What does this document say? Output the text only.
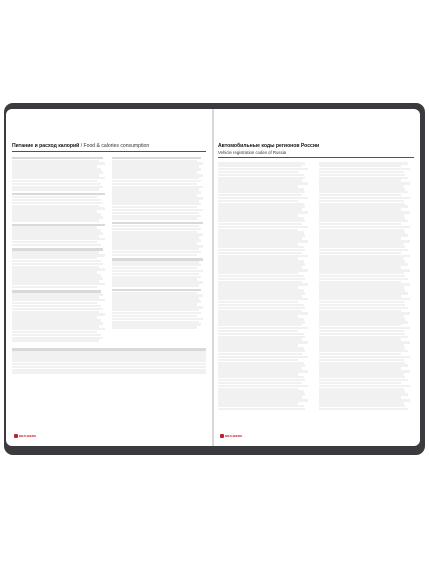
Питание и расход калорий / Food & calories consumption
BRAUBERG
Автомобильные коды регионов России
Vehicle registration codes of Russia
BRAUBERG
